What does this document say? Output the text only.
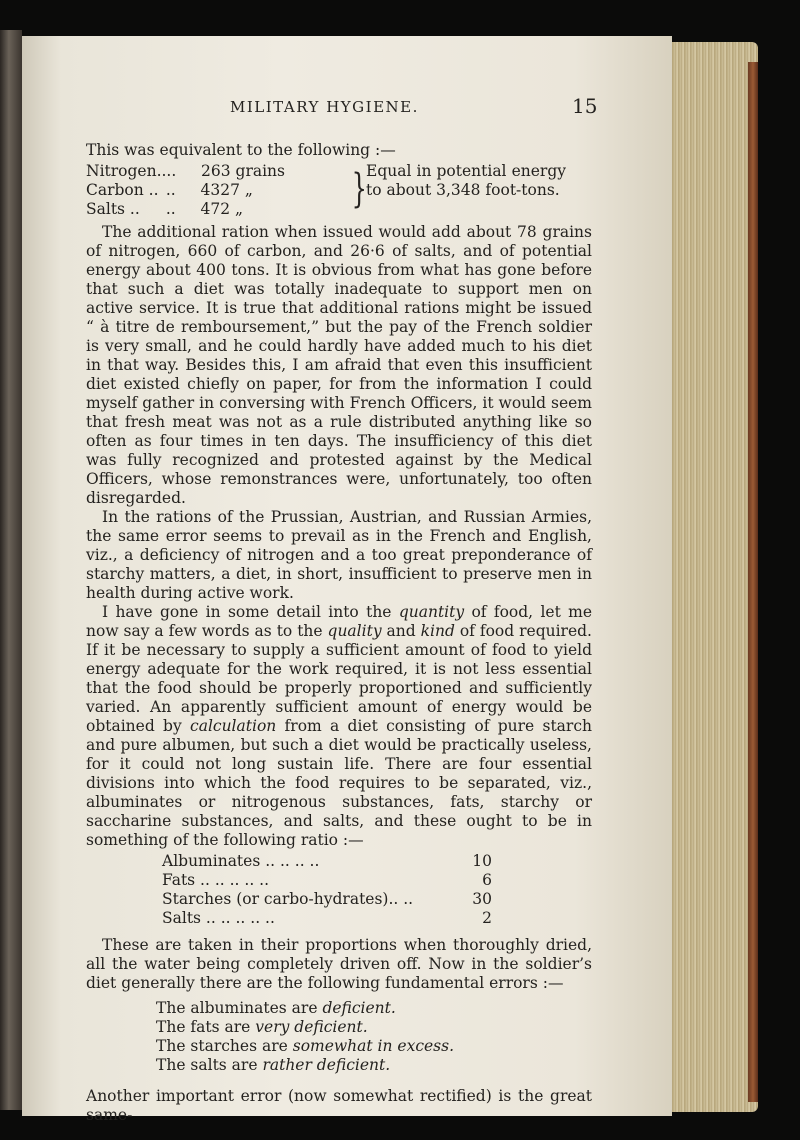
MILITARY HYGIENE.	15

This was equivalent to the following :—

Nitrogen.. ..	263 grains
Carbon .. ..	4327 „
Salts ..	..	472 „	} Equal in potential energy to about 3,348 foot-tons.

The additional ration when issued would add about 78 grains of nitrogen, 660 of carbon, and 26·6 of salts, and of potential energy about 400 tons. It is obvious from what has gone before that such a diet was totally inadequate to support men on active service. It is true that additional rations might be issued “ à titre de remboursement,” but the pay of the French soldier is very small, and he could hardly have added much to his diet in that way. Besides this, I am afraid that even this insufficient diet existed chiefly on paper, for from the information I could myself gather in conversing with French Officers, it would seem that fresh meat was not as a rule distributed anything like so often as four times in ten days. The insufficiency of this diet was fully recognized and protested against by the Medical Officers, whose remonstrances were, unfortunately, too often disregarded.

In the rations of the Prussian, Austrian, and Russian Armies, the same error seems to prevail as in the French and English, viz., a deficiency of nitrogen and a too great preponderance of starchy matters, a diet, in short, insufficient to preserve men in health during active work.

I have gone in some detail into the quantity of food, let me now say a few words as to the quality and kind of food required. If it be necessary to supply a sufficient amount of food to yield energy adequate for the work required, it is not less essential that the food should be properly proportioned and sufficiently varied. An apparently sufficient amount of energy would be obtained by calculation from a diet consisting of pure starch and pure albumen, but such a diet would be practically useless, for it could not long sustain life. There are four essential divisions into which the food requires to be separated, viz., albuminates or nitrogenous substances, fats, starchy or saccharine substances, and salts, and these ought to be in something of the following ratio :—

Albuminates .. .. .. ..	10
Fats .. .. .. .. ..	6
Starches (or carbo-hydrates).. ..	30
Salts .. .. .. .. ..	2

These are taken in their proportions when thoroughly dried, all the water being completely driven off. Now in the soldier’s diet generally there are the following fundamental errors :—

The albuminates are deficient.
The fats are very deficient.
The starches are somewhat in excess.
The salts are rather deficient.

Another important error (now somewhat rectified) is the great same-
